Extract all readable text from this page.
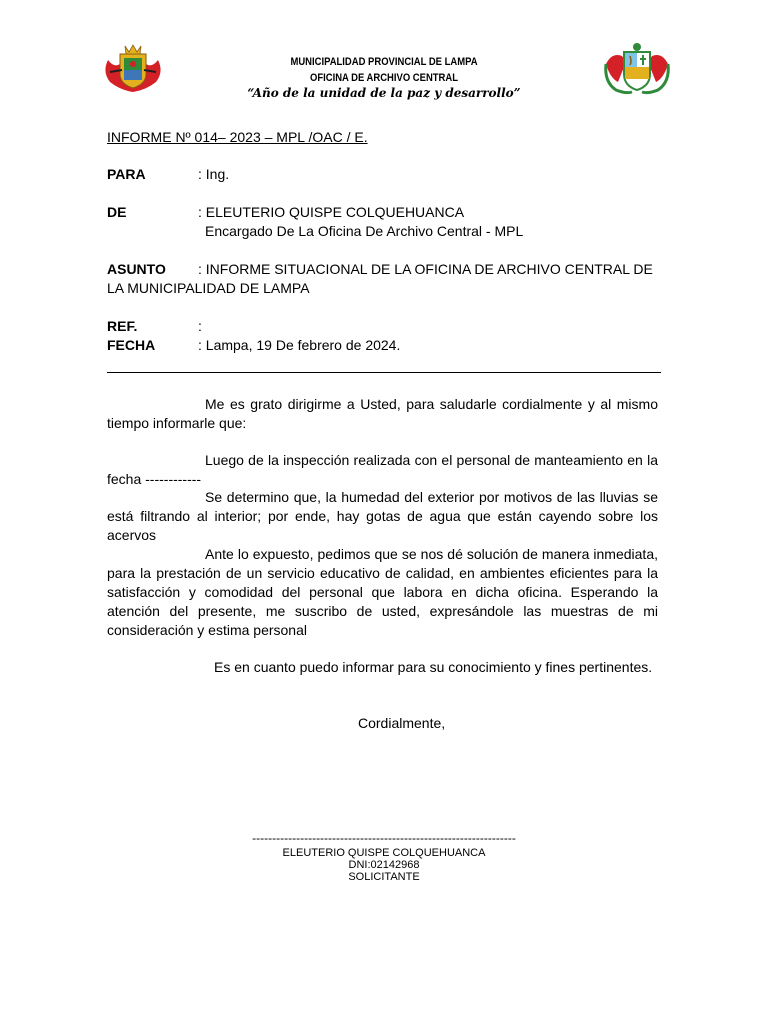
MUNICIPALIDAD PROVINCIAL DE LAMPA
OFICINA DE ARCHIVO CENTRAL
“Año de la unidad de la paz y desarrollo”
INFORME Nº 014– 2023 – MPL /OAC / E.
PARA	: Ing.
DE	: ELEUTERIO QUISPE COLQUEHUANCA
Encargado De La Oficina De Archivo Central - MPL
ASUNTO : INFORME SITUACIONAL DE LA OFICINA DE ARCHIVO CENTRAL DE
LA MUNICIPALIDAD DE LAMPA
REF.	:
FECHA	: Lampa, 19 De febrero de 2024.
Me es grato dirigirme a Usted, para saludarle cordialmente y al mismo tiempo informarle que:
Luego de la inspección realizada con el personal de manteamiento en la fecha ------------
Se determino que, la humedad del exterior por motivos de las lluvias se está filtrando al interior; por ende, hay gotas de agua que están cayendo sobre los acervos
Ante lo expuesto, pedimos que se nos dé solución de manera inmediata, para la prestación de un servicio educativo de calidad, en ambientes eficientes para la satisfacción y comodidad del personal que labora en dicha oficina. Esperando la atención del presente, me suscribo de usted, expresándole las muestras de mi consideración y estima personal
Es en cuanto puedo informar para su conocimiento y fines pertinentes.
Cordialmente,
------------------------------------------------------------------
ELEUTERIO QUISPE COLQUEHUANCA
DNI:02142968
SOLICITANTE
